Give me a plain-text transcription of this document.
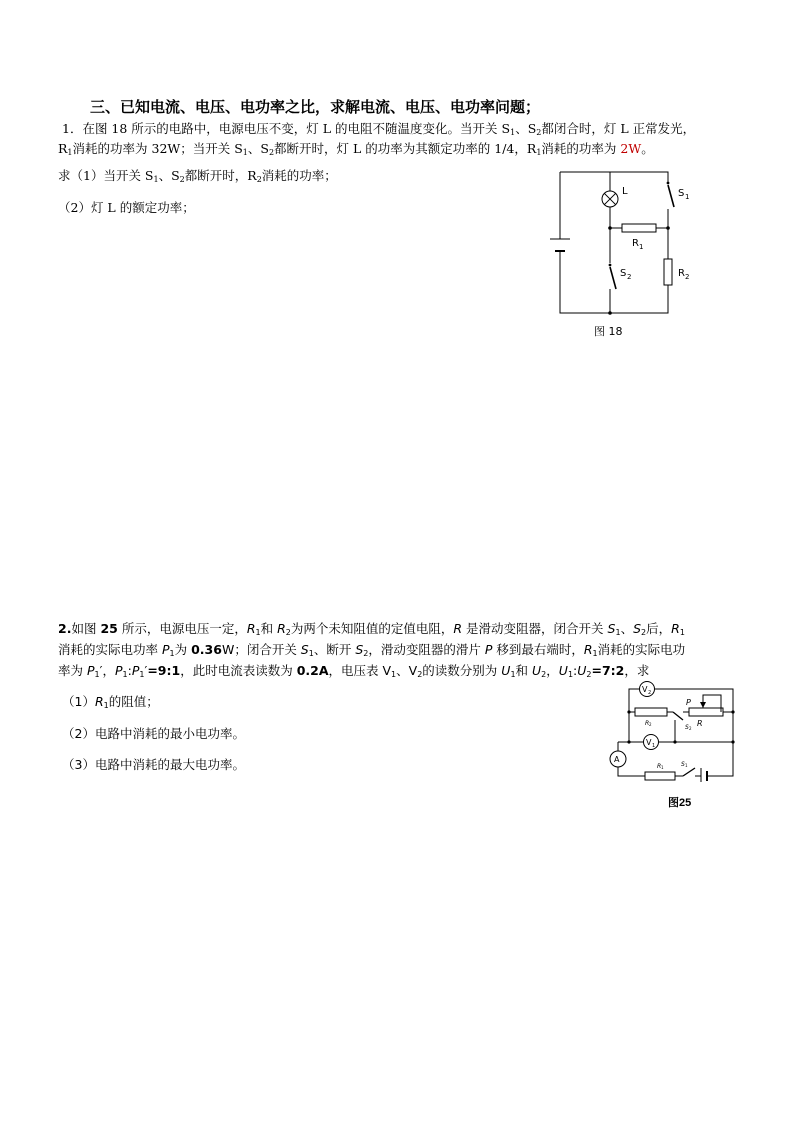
三、已知电流、电压、电功率之比，求解电流、电压、电功率问题；
1．在图 18 所示的电路中，电源电压不变，灯 L 的电阻不随温度变化。当开关 $S_1$、$S_2$都闭合时，灯 L 正常发光，
$R_1$消耗的功率为 32W；当开关 $S_1$、$S_2$都断开时，灯 L 的功率为其额定功率的 1/4，$R_1$消耗的功率为 2W。
求（1）当开关 $S_1$、$S_2$都断开时，$R_2$消耗的功率；
（2）灯 L 的额定功率；
L	S 1
R 1
S 2	R 2
图 18
2.如图 25 所示，电源电压一定，$R_1$和 $R_2$为两个未知阻值的定值电阻，R 是滑动变阻器，闭合开关 $S_1$、$S_2$后，$R_1$
消耗的实际电功率 $P_1$为 0.36W；闭合开关 $S_1$、断开 $S_2$，滑动变阻器的滑片 P 移到最右端时，$R_1$消耗的实际电功
率为 $P_1'$，$P_1:P_1'=9:1$，此时电流表读数为 0.2A，电压表 $V_1$、$V_2$的读数分别为 $U_1$和 $U_2$，$U_1:U_2=7:2$，求
$(1)R_1$的阻值；
（2）电路中消耗的最小电功率。
（3）电路中消耗的最大电功率。
V 2
V 1
A
P
R
R 2	S 2
R 1	S 1
图25
